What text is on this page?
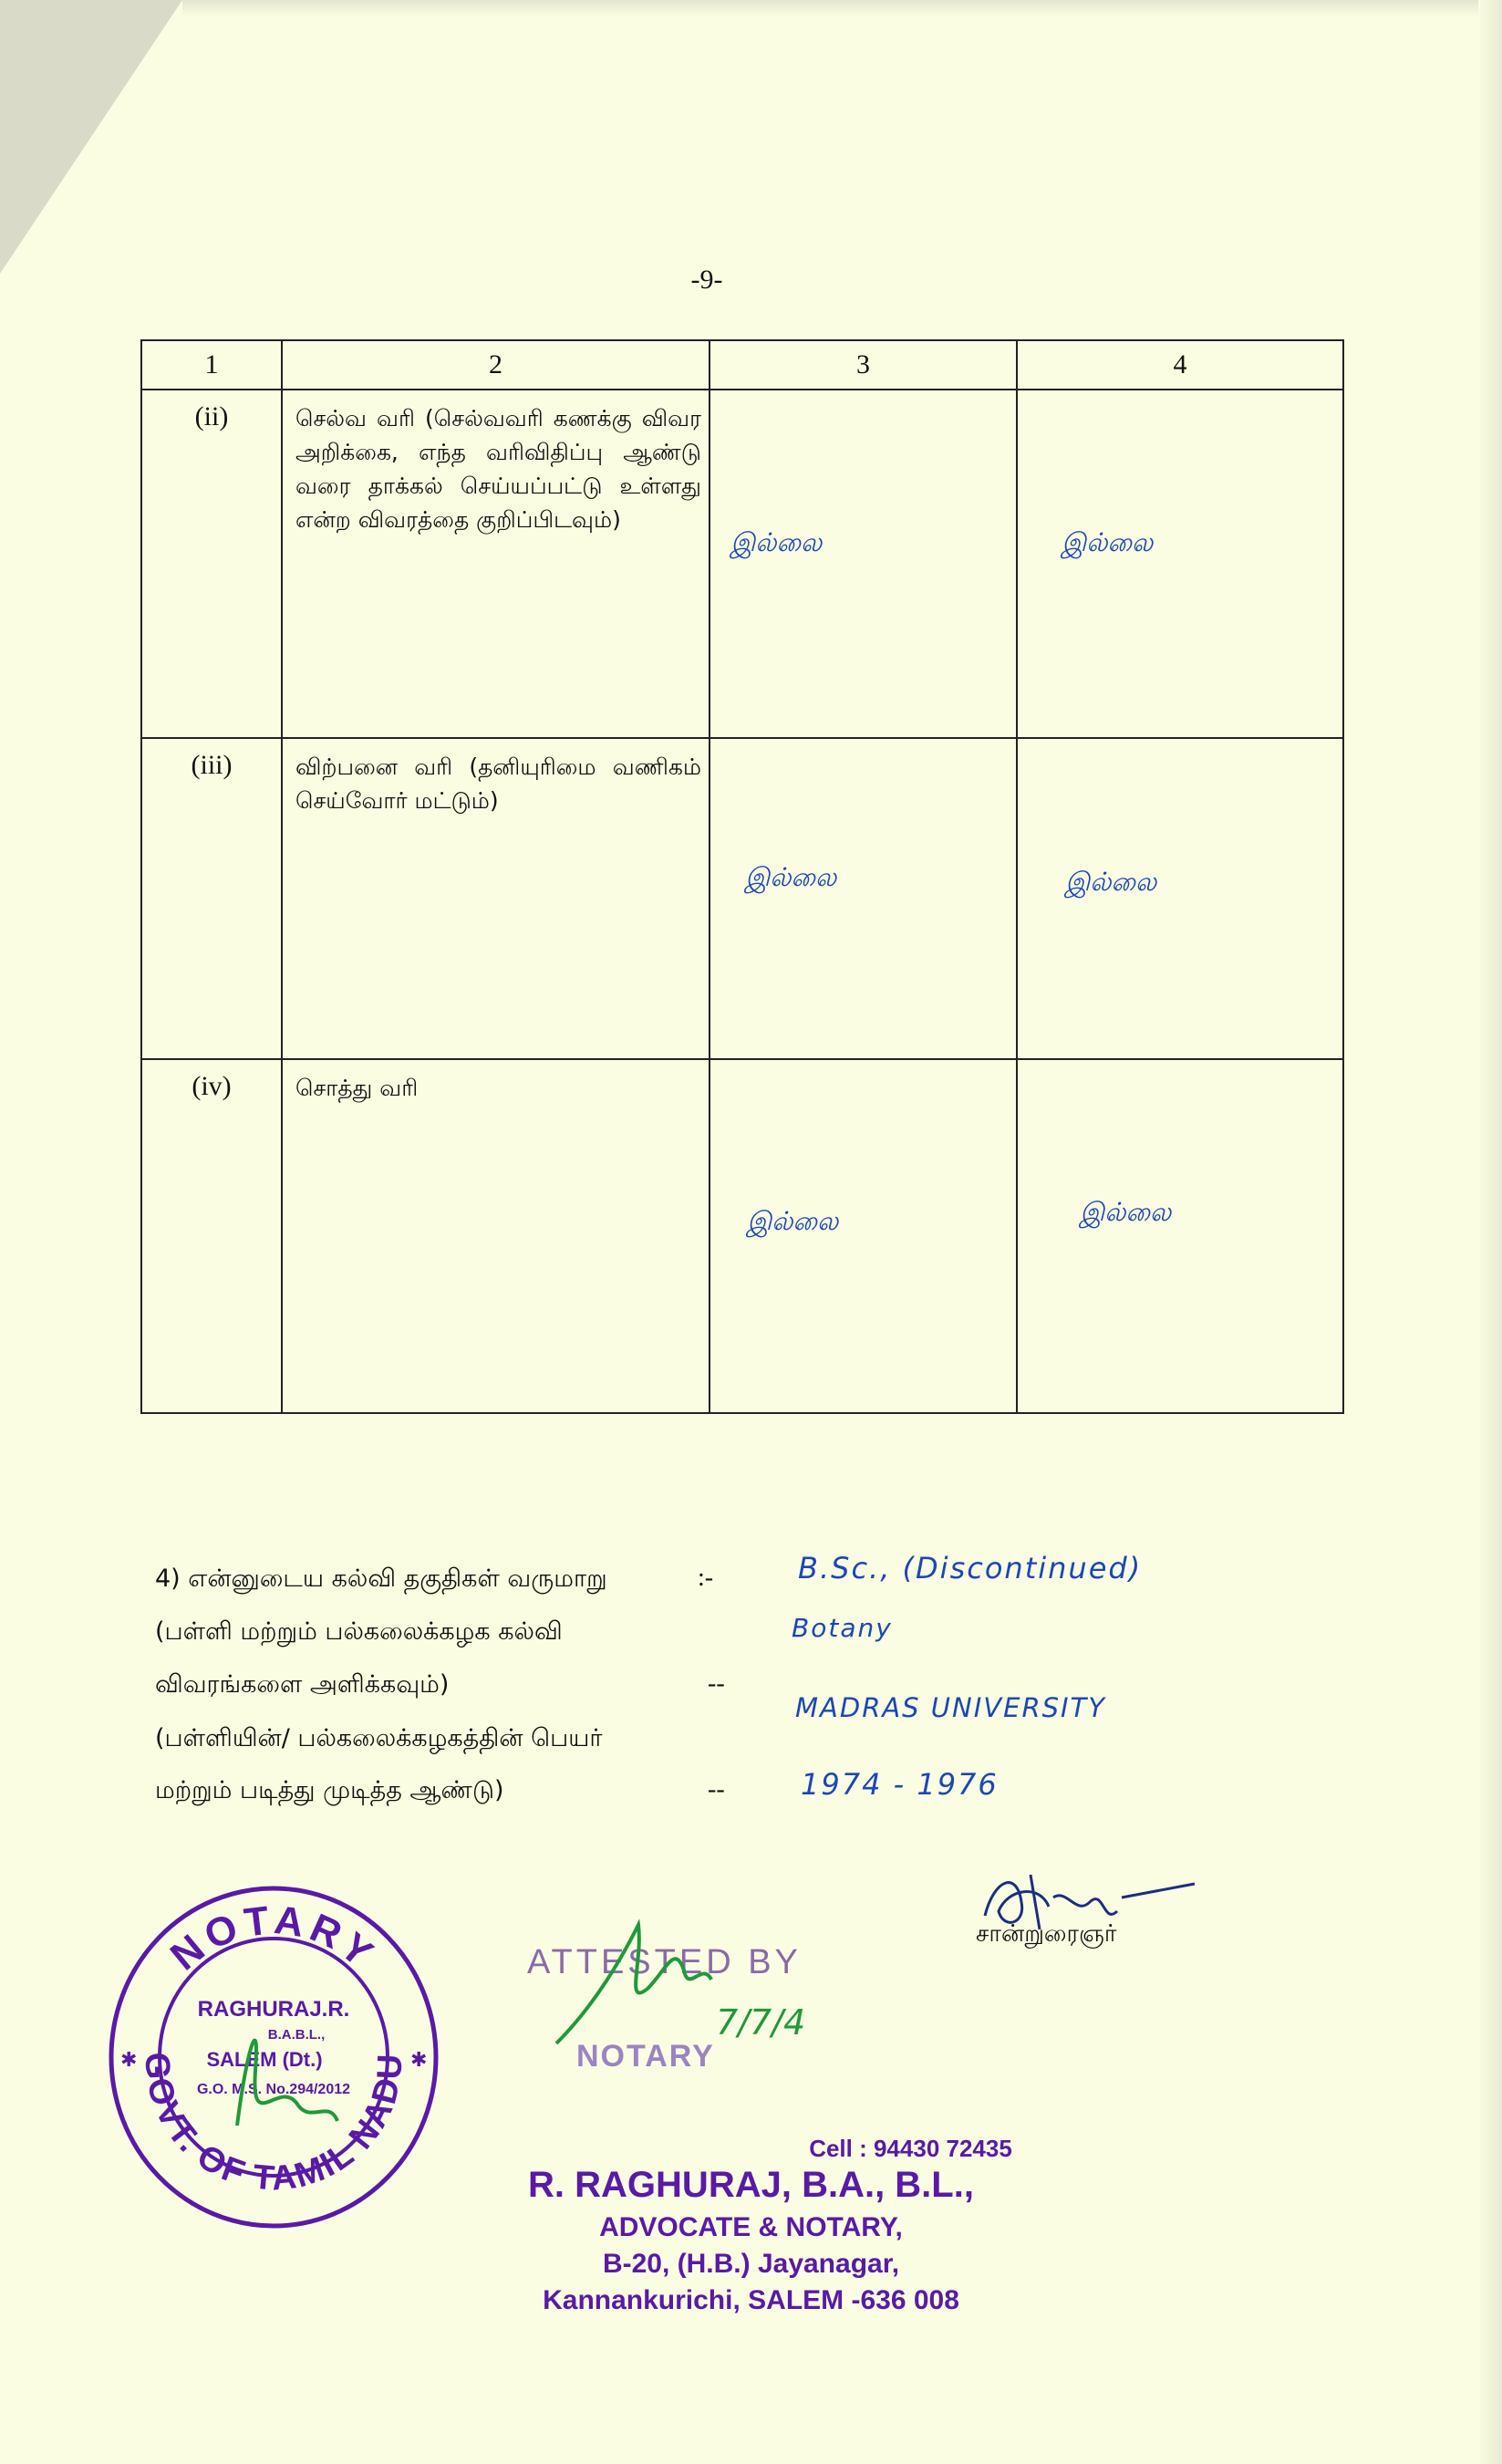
-9-
1	2	3	4
(ii)	செல்வ வரி (செல்வவரி கணக்கு விவர அறிக்கை, எந்த வரிவிதிப்பு ஆண்டு வரை தாக்கல் செய்யப்பட்டு உள்ளது என்ற விவரத்தை குறிப்பிடவும்)	இல்லை	இல்லை

(iii)	விற்பனை வரி (தனியுரிமை வணிகம் செய்வோர் மட்டும்)	இல்லை	இல்லை

(iv)	சொத்து வரி	இல்லை	இல்லை
4) என்னுடைய கல்வி தகுதிகள் வருமாறு	:-
(பள்ளி மற்றும் பல்கலைக்கழக கல்வி
விவரங்களை அளிக்கவும்)	--
(பள்ளியின்/ பல்கலைக்கழகத்தின் பெயர்
மற்றும் படித்து முடித்த ஆண்டு)	--
B.Sc., (Discontinued)
Botany
MADRAS UNIVERSITY
1974 - 1976
சான்றுரைஞர்
NOTARY
GOVT. OF TAMIL NADU
RAGHURAJ.R.
B.A.B.L.,
SALEM (Dt.)
G.O. M.S. No.294/2012
✱	✱
ATTESTED BY
7/7/4
NOTARY
Cell : 94430 72435
R. RAGHURAJ, B.A., B.L.,
ADVOCATE & NOTARY,
B-20, (H.B.) Jayanagar,
Kannankurichi, SALEM -636 008
